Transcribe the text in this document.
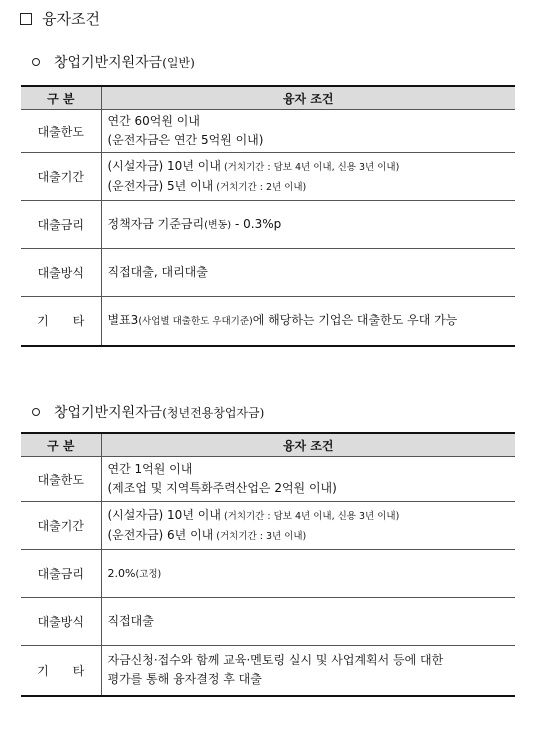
융자조건
창업기반지원자금 (일반)
구 분	융자 조건
대출한도	연간 60억원 이내
(운전자금은 연간 5억원 이내)

대출기간	(시설자금) 10년 이내 (거치기간 : 담보 4년 이내, 신용 3년 이내)
(운전자금) 5년 이내 (거치기간 : 2년 이내)

대출금리	정책자금 기준금리(변동) - 0.3%p
대출방식	직접대출, 대리대출
기　　타	별표3(사업별 대출한도 우대기준)에 해당하는 기업은 대출한도 우대 가능
창업기반지원자금 (청년전용창업자금)
구 분	융자 조건
대출한도	연간 1억원 이내
(제조업 및 지역특화주력산업은 2억원 이내)

대출기간	(시설자금) 10년 이내 (거치기간 : 담보 4년 이내, 신용 3년 이내)
(운전자금) 6년 이내 (거치기간 : 3년 이내)

대출금리	2.0%(고정)
대출방식	직접대출
기　　타	자금신청·접수와 함께 교육·멘토링 실시 및 사업계획서 등에 대한
평가를 통해 융자결정 후 대출
